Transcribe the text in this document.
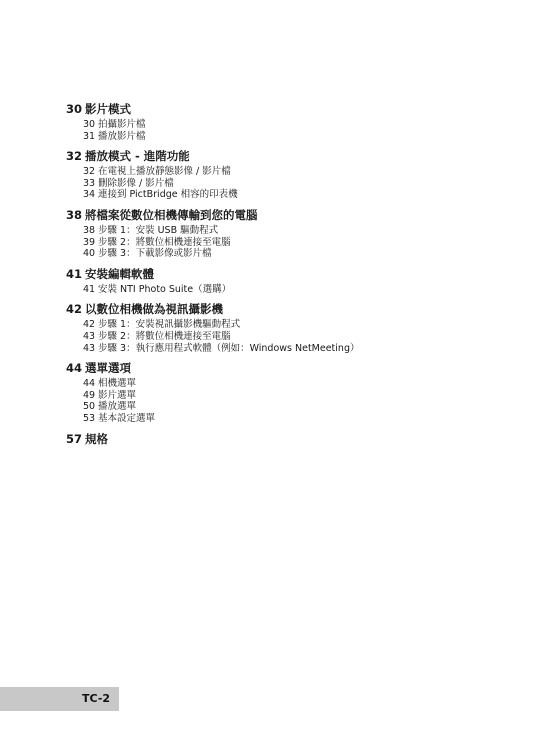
30 影片模式
30 拍攝影片檔
31 播放影片檔
32 播放模式 - 進階功能
32 在電視上播放靜態影像 / 影片檔
33 刪除影像 / 影片檔
34 連接到 PictBridge 相容的印表機
38 將檔案從數位相機傳輸到您的電腦
38 步驟 1：安裝 USB 驅動程式
39 步驟 2：將數位相機連接至電腦
40 步驟 3：下載影像或影片檔
41 安裝編輯軟體
41 安裝 NTI Photo Suite（選購）
42 以數位相機做為視訊攝影機
42 步驟 1：安裝視訊攝影機驅動程式
43 步驟 2：將數位相機連接至電腦
43 步驟 3：執行應用程式軟體（例如：Windows NetMeeting）
44 選單選項
44 相機選單
49 影片選單
50 播放選單
53 基本設定選單
57 規格
TC-2
